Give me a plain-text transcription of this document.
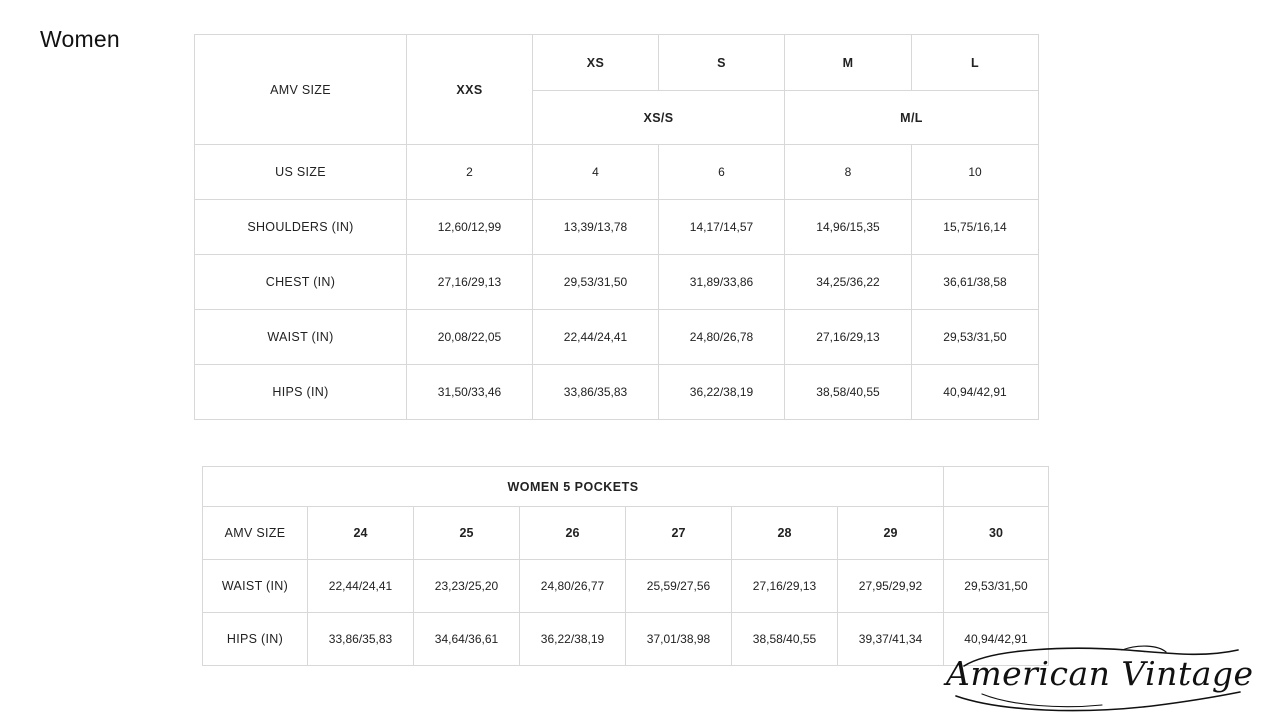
Women
AMV SIZE	XXS	XS	S	M	L
		XS/S		M/L	
US SIZE	2	4	6	8	10
SHOULDERS (IN)	12,60/12,99	13,39/13,78	14,17/14,57	14,96/15,35	15,75/16,14
CHEST (IN)	27,16/29,13	29,53/31,50	31,89/33,86	34,25/36,22	36,61/38,58
WAIST (IN)	20,08/22,05	22,44/24,41	24,80/26,78	27,16/29,13	29,53/31,50
HIPS (IN)	31,50/33,46	33,86/35,83	36,22/38,19	38,58/40,55	40,94/42,91
WOMEN 5 POCKETS							
AMV SIZE	24	25	26	27	28	29	30
WAIST (IN)	22,44/24,41	23,23/25,20	24,80/26,77	25,59/27,56	27,16/29,13	27,95/29,92	29,53/31,50
HIPS (IN)	33,86/35,83	34,64/36,61	36,22/38,19	37,01/38,98	38,58/40,55	39,37/41,34	40,94/42,91
American Vintage
